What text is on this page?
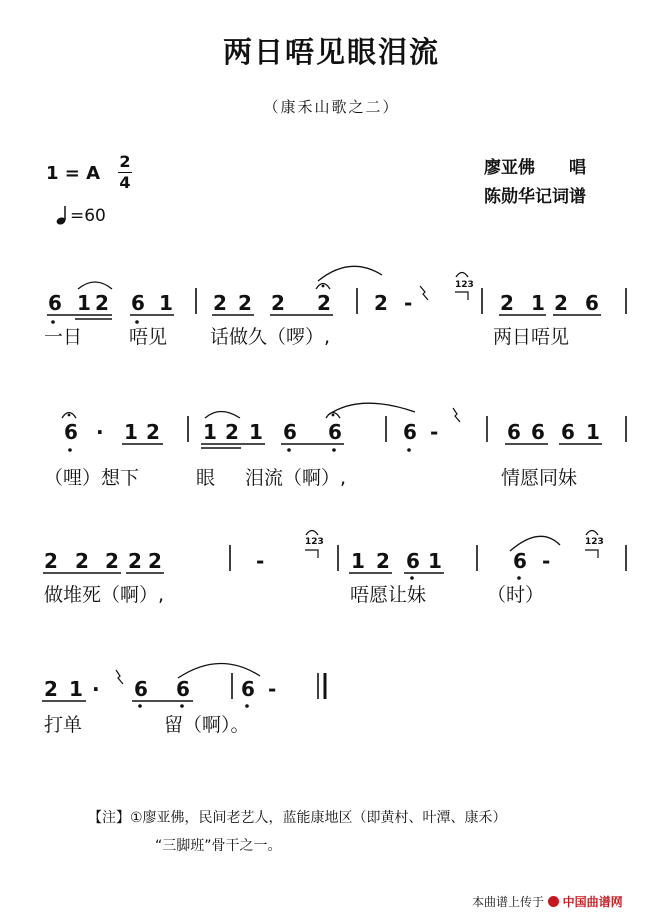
两日唔见眼泪流
（康禾山歌之二）
1 = A
2
4
=60
廖亚佛　　唱
陈勋华记词谱
6 1 2 6 1 2 2 2 2 2 -	2 1 2 6
一日 唔见 话做久（啰）,	两日唔见
6 · 1 2 1 2 1 6 6	6 -	6 6 6 1
（哩）想下	眼 泪流（啊）,	情愿同妹
2 2 2 2 2	-	1 2 6 1	6 -
做堆死（啊）,	唔愿让妹	（时）
2 1 · 6 6	6 -
打单	留（啊）。
123
123	123
【注】①廖亚佛，民间老艺人，蓝能康地区（即黄村、叶潭、康禾）
“三脚班”骨干之一。
本曲谱上传于 中国曲谱网
